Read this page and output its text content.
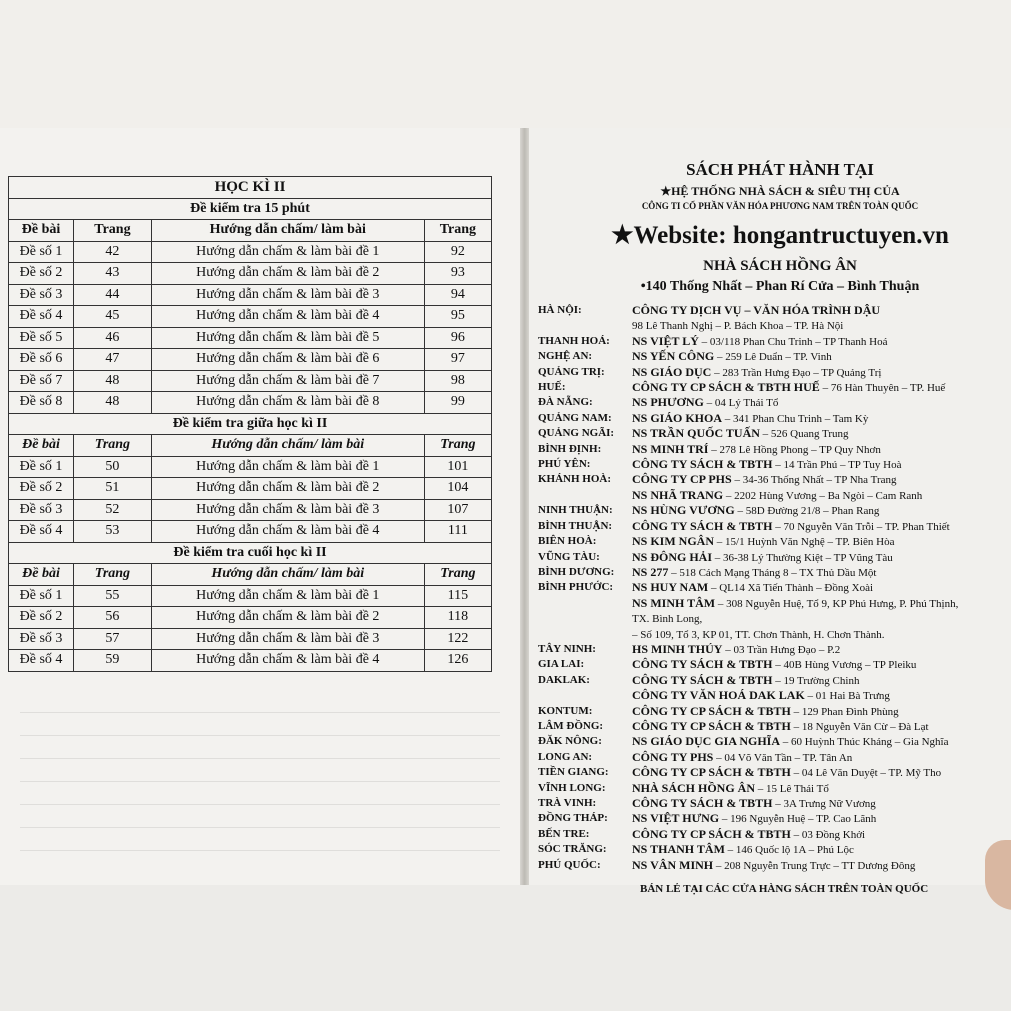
HỌC KÌ II			
Đề kiểm tra 15 phút			
Đề bài	Trang	Hướng dẫn chấm/ làm bài	Trang
Đề số 1	42	Hướng dẫn chấm & làm bài đề 1	92
Đề số 2	43	Hướng dẫn chấm & làm bài đề 2	93
Đề số 3	44	Hướng dẫn chấm & làm bài đề 3	94
Đề số 4	45	Hướng dẫn chấm & làm bài đề 4	95
Đề số 5	46	Hướng dẫn chấm & làm bài đề 5	96
Đề số 6	47	Hướng dẫn chấm & làm bài đề 6	97
Đề số 7	48	Hướng dẫn chấm & làm bài đề 7	98
Đề số 8	48	Hướng dẫn chấm & làm bài đề 8	99
Đề kiểm tra giữa học kì II			
Đề bài	Trang	Hướng dẫn chấm/ làm bài	Trang
Đề số 1	50	Hướng dẫn chấm & làm bài đề 1	101
Đề số 2	51	Hướng dẫn chấm & làm bài đề 2	104
Đề số 3	52	Hướng dẫn chấm & làm bài đề 3	107
Đề số 4	53	Hướng dẫn chấm & làm bài đề 4	111
Đề kiểm tra cuối học kì II			
Đề bài	Trang	Hướng dẫn chấm/ làm bài	Trang
Đề số 1	55	Hướng dẫn chấm & làm bài đề 1	115
Đề số 2	56	Hướng dẫn chấm & làm bài đề 2	118
Đề số 3	57	Hướng dẫn chấm & làm bài đề 3	122
Đề số 4	59	Hướng dẫn chấm & làm bài đề 4	126
SÁCH PHÁT HÀNH TẠI
★HỆ THỐNG NHÀ SÁCH & SIÊU THỊ CỦA
CÔNG TI CỔ PHẦN VĂN HÓA PHƯƠNG NAM TRÊN TOÀN QUỐC
★Website: hongantructuyen.vn
NHÀ SÁCH HỒNG ÂN
•140 Thống Nhất – Phan Rí Cửa – Bình Thuận
HÀ NỘI:	CÔNG TY DỊCH VỤ – VĂN HÓA TRÌNH DẬU
98 Lê Thanh Nghị – P. Bách Khoa – TP. Hà Nội
THANH HOÁ:	NS VIỆT LÝ – 03/118 Phan Chu Trinh – TP Thanh Hoá
NGHỆ AN:	NS YẾN CÔNG – 259 Lê Duẩn – TP. Vinh
QUẢNG TRỊ:	NS GIÁO DỤC – 283 Trần Hưng Đạo – TP Quảng Trị
HUẾ:	CÔNG TY CP SÁCH & TBTH HUẾ – 76 Hàn Thuyên – TP. Huế
ĐÀ NẴNG:	NS PHƯƠNG – 04 Lý Thái Tổ
QUẢNG NAM:	NS GIÁO KHOA – 341 Phan Chu Trinh – Tam Kỳ
QUẢNG NGÃI:	NS TRẦN QUỐC TUẤN – 526 Quang Trung
BÌNH ĐỊNH:	NS MINH TRÍ – 278 Lê Hồng Phong – TP Quy Nhơn
PHÚ YÊN:	CÔNG TY SÁCH & TBTH – 14 Trần Phú – TP Tuy Hoà
KHÁNH HOÀ:	CÔNG TY CP PHS – 34-36 Thống Nhất – TP Nha Trang
NS NHÃ TRANG – 2202 Hùng Vương – Ba Ngòi – Cam Ranh
NINH THUẬN:	NS HÙNG VƯƠNG – 58D Đường 21/8 – Phan Rang
BÌNH THUẬN:	CÔNG TY SÁCH & TBTH – 70 Nguyễn Văn Trỗi – TP. Phan Thiết
BIÊN HOÀ:	NS KIM NGÂN – 15/1 Huỳnh Văn Nghệ – TP. Biên Hòa
VŨNG TÀU:	NS ĐÔNG HẢI – 36-38 Lý Thường Kiệt – TP Vũng Tàu
BÌNH DƯƠNG:	NS 277 – 518 Cách Mạng Tháng 8 – TX Thủ Dầu Một
BÌNH PHƯỚC:	NS HUY NAM – QL14 Xã Tiến Thành – Đồng Xoài
NS MINH TÂM – 308 Nguyễn Huệ, Tổ 9, KP Phú Hưng, P. Phú Thịnh,
TX. Bình Long,
– Số 109, Tổ 3, KP 01, TT. Chơn Thành, H. Chơn Thành.
TÂY NINH:	HS MINH THÚY – 03 Trần Hưng Đạo – P.2
GIA LAI:	CÔNG TY SÁCH & TBTH – 40B Hùng Vương – TP Pleiku
DAKLAK:	CÔNG TY SÁCH & TBTH – 19 Trường Chinh
CÔNG TY VĂN HOÁ DAK LAK – 01 Hai Bà Trưng
KONTUM:	CÔNG TY CP SÁCH & TBTH – 129 Phan Đình Phùng
LÂM ĐỒNG:	CÔNG TY CP SÁCH & TBTH – 18 Nguyễn Văn Cừ – Đà Lạt
ĐĂK NÔNG:	NS GIÁO DỤC GIA NGHĨA – 60 Huỳnh Thúc Kháng – Gia Nghĩa
LONG AN:	CÔNG TY PHS – 04 Võ Văn Tần – TP. Tân An
TIỀN GIANG:	CÔNG TY CP SÁCH & TBTH – 04 Lê Văn Duyệt – TP. Mỹ Tho
VĨNH LONG:	NHÀ SÁCH HỒNG ÂN – 15 Lê Thái Tổ
TRÀ VINH:	CÔNG TY SÁCH & TBTH – 3A Trưng Nữ Vương
ĐỒNG THÁP:	NS VIỆT HƯNG – 196 Nguyễn Huệ – TP. Cao Lãnh
BẾN TRE:	CÔNG TY CP SÁCH & TBTH – 03 Đồng Khởi
SÓC TRĂNG:	NS THANH TÂM – 146 Quốc lộ 1A – Phú Lộc
PHÚ QUỐC:	NS VÂN MINH – 208 Nguyễn Trung Trực – TT Dương Đông
BÁN LẺ TẠI CÁC CỬA HÀNG SÁCH TRÊN TOÀN QUỐC
